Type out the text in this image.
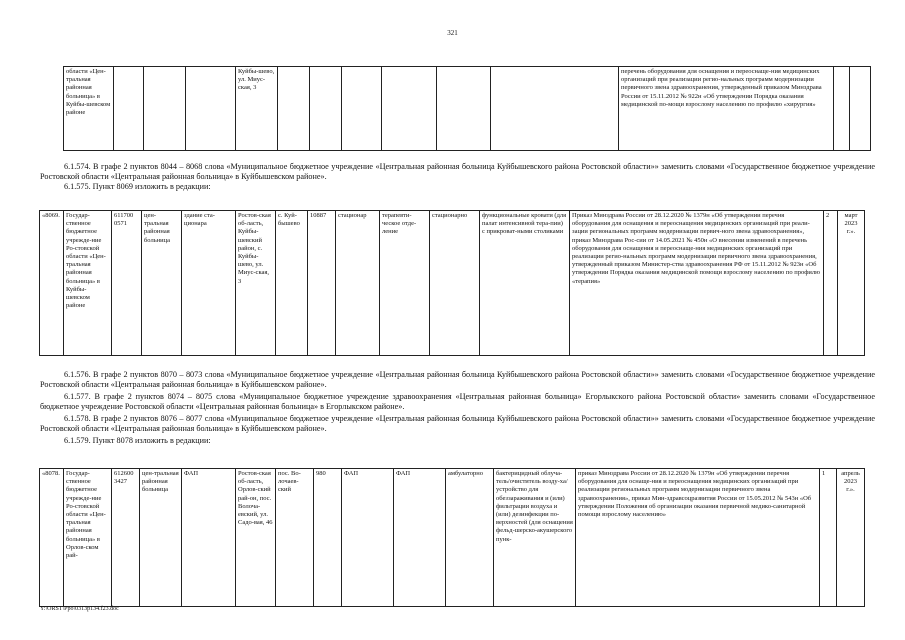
321
области «Цен-тральная районная больница» в Куйбы-шевском районе				Куйбы-шево, ул. Миус-ская, 3							перечень оборудования для оснащения и переоснаще-ния медицинских организаций при реализации регио-нальных программ модернизации первичного звена здравоохранения, утвержденный приказом Минздрава России от 15.11.2012 № 922н «Об утверждении Порядка оказания медицинской по-мощи взрослому населению по профилю «хирургия»		
6.1.574. В графе 2 пунктов 8044 – 8068 слова «Муниципальное бюджетное учреждение «Центральная районная больница Куйбышевского района Ростовской области»» заменить словами «Государственное бюджетное учреждение Ростовской области «Центральная районная больница» в Куйбышевском районе».
6.1.575. Пункт 8069 изложить в редакции:
«8069.	Государ-ственное бюджетное учрежде-ние Ро-стовской области «Цен-тральная районная больница» в Куйбы-шевском районе	611700 0571	цен-тральная районная больница	здание ста-ционара	Ростов-ская об-ласть, Куйбы-шевский район, с. Куйбы-шево, ул. Миус-ская, 3	с. Куй-бышево	10887	стационар	терапевти-ческое отде-ление	стационарно	функциональные кровати (для палат интенсивной тера-пии) с прикроват-ными столиками	Приказ Минздрава России от 28.12.2020 № 1379н «Об утверждении перечня оборудования для оснащения и переоснащения медицинских организаций при реали-зации региональных программ модернизации первич-ного звена здравоохранения», приказ Минздрава Рос-сии от 14.05.2021 № 450н «О внесении изменений в перечень оборудования для оснащения и переоснаще-ния медицинских организаций при реализации регио-нальных программ модернизации первичного звена здравоохранения, утвержденный приказом Министер-ства здравоохранения РФ от 15.11.2012 № 923н «Об утверждении Порядка оказания медицинской помощи взрослому населению по профилю «терапия»	2	март 2023 г.».
6.1.576. В графе 2 пунктов 8070 – 8073 слова «Муниципальное бюджетное учреждение «Центральная районная больница Куйбышевского района Ростовской области»» заменить словами «Государственное бюджетное учреждение Ростовской области «Центральная районная больница» в Куйбышевском районе».
6.1.577. В графе 2 пунктов 8074 – 8075 слова «Муниципальное бюджетное учреждение здравоохранения «Центральная районная больница» Егорлыкского района Ростовской области» заменить словами «Государственное бюджетное учреждение Ростовской области «Центральная районная больница» в Егорлыкском районе».
6.1.578. В графе 2 пунктов 8076 – 8077 слова «Муниципальное бюджетное учреждение «Центральная районная больница Куйбышевского района Ростовской области»» заменить словами «Государственное бюджетное учреждение Ростовской области «Центральная районная больница» в Куйбышевском районе».
6.1.579. Пункт 8078 изложить в редакции:
«8078.	Государ-ственное бюджетное учрежде-ние Ро-стовской области «Цен-тральная районная больница» в Орлов-ском рай-	612600 3427	цен-тральная районная больница	ФАП	Ростов-ская об-ласть, Орлов-ский рай-он, пос. Волоча-евский, ул. Садо-вая, 46	пос. Во-лочаев-ский	980	ФАП	ФАП	амбулаторно	бактерицидный облуча-тель/очиститель возду-ха/устройство для обеззараживания и (или) фильтрации воздуха и (или) дезинфекции по-верхностей (для оснащения фельд-шерско-акушерского пунк-	приказ Минздрава России от 28.12.2020 № 1379н «Об утверждении перечня оборудования для оснаще-ния и переоснащения медицинских организаций при реализации региональных программ модернизации первичного звена здравоохранения», приказ Мин-здравсоцразвития России от 15.05.2012 № 543н «Об утверждении Положения об организации оказания первичной медико-санитарной помощи взрослому населению»	1	апрель 2023 г.».
Y:\ORST\Ppo\0313p134.f23.doc
